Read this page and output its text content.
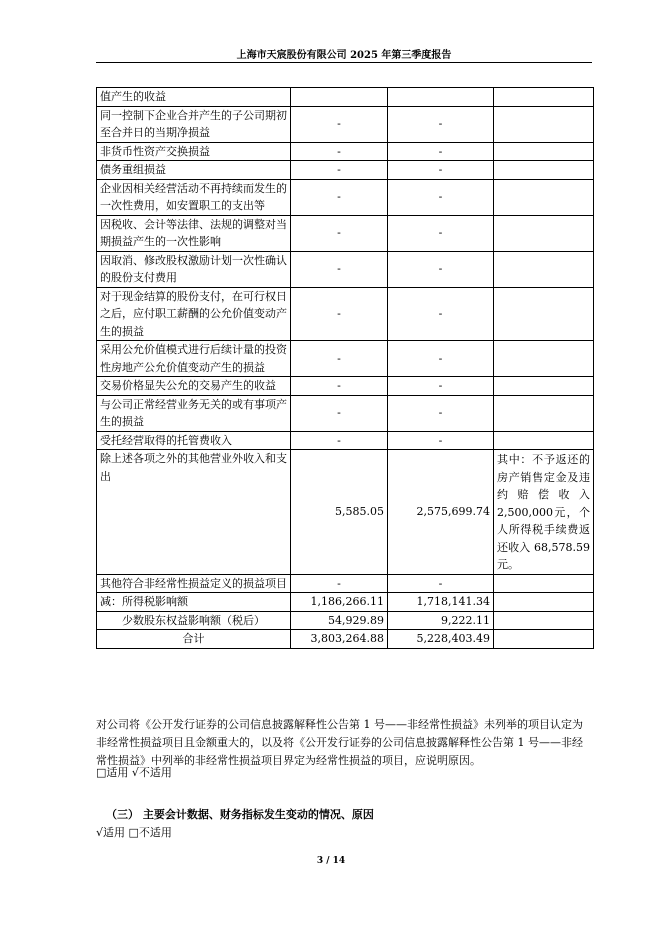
上海市天宸股份有限公司 2025 年第三季度报告
值产生的收益			
同一控制下企业合并产生的子公司期初至合并日的当期净损益	-	-	
非货币性资产交换损益	-	-	
债务重组损益	-	-	
企业因相关经营活动不再持续而发生的一次性费用，如安置职工的支出等	-	-	
因税收、会计等法律、法规的调整对当期损益产生的一次性影响	-	-	
因取消、修改股权激励计划一次性确认的股份支付费用	-	-	
对于现金结算的股份支付，在可行权日之后，应付职工薪酬的公允价值变动产生的损益	-	-	
采用公允价值模式进行后续计量的投资性房地产公允价值变动产生的损益	-	-	
交易价格显失公允的交易产生的收益	-	-	
与公司正常经营业务无关的或有事项产生的损益	-	-	
受托经营取得的托管费收入	-	-	
除上述各项之外的其他营业外收入和支出	5,585.05	2,575,699.74	其中：不予返还的房产销售定金及违约赔偿收入2,500,000元，个人所得税手续费返还收入 68,578.59元。
其他符合非经常性损益定义的损益项目	-	-	
减：所得税影响额	1,186,266.11	1,718,141.34	
少数股东权益影响额（税后）	54,929.89	9,222.11	
合计	3,803,264.88	5,228,403.49	

对公司将《公开发行证券的公司信息披露解释性公告第 1 号——非经常性损益》未列举的项目认定为非经常性损益项目且金额重大的，以及将《公开发行证券的公司信息披露解释性公告第 1 号——非经常性损益》中列举的非经常性损益项目界定为经常性损益的项目，应说明原因。

□适用 √不适用
（三） 主要会计数据、财务指标发生变动的情况、原因
√适用 □不适用
3 / 14
